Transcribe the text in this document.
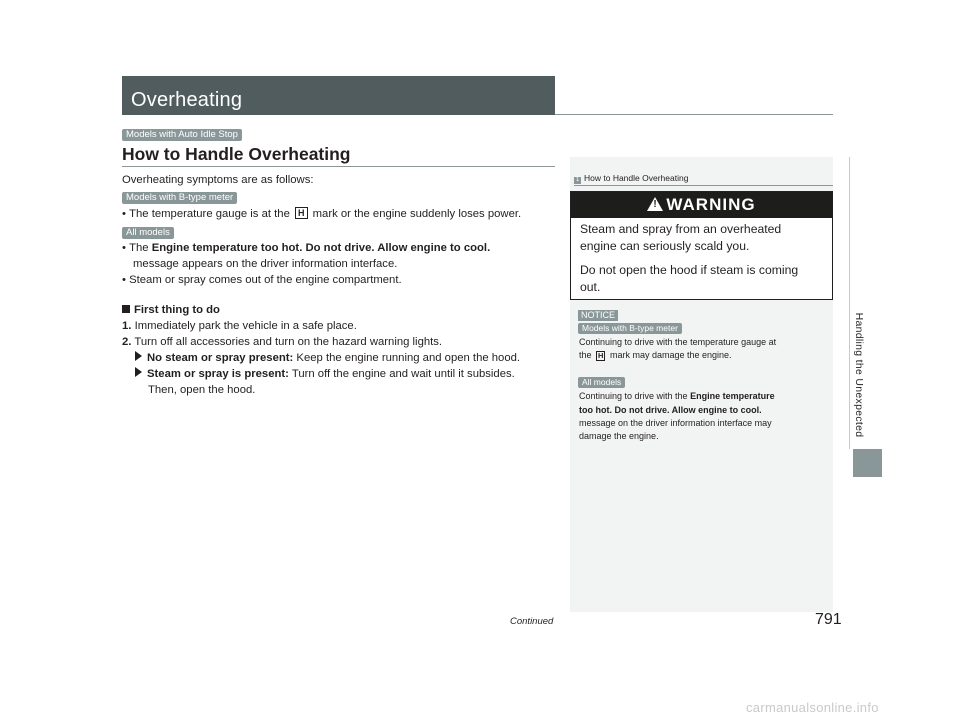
Overheating
Models with Auto Idle Stop
How to Handle Overheating
Overheating symptoms are as follows:
Models with B-type meter
• The temperature gauge is at the H mark or the engine suddenly loses power.
All models
• The Engine temperature too hot. Do not drive. Allow engine to cool.
message appears on the driver information interface.
• Steam or spray comes out of the engine compartment.
First thing to do
1. Immediately park the vehicle in a safe place.
2. Turn off all accessories and turn on the hazard warning lights.
No steam or spray present: Keep the engine running and open the hood.
Steam or spray is present: Turn off the engine and wait until it subsides.
Then, open the hood.
1 How to Handle Overheating
!WARNING
Steam and spray from an overheated
engine can seriously scald you.
Do not open the hood if steam is coming
out.
NOTICE
Models with B-type meter
Continuing to drive with the temperature gauge at
the H mark may damage the engine.
All models
Continuing to drive with the Engine temperature
too hot. Do not drive. Allow engine to cool.
message on the driver information interface may
damage the engine.	Handling the Unexpected
Continued	791
carmanualsonline.info
